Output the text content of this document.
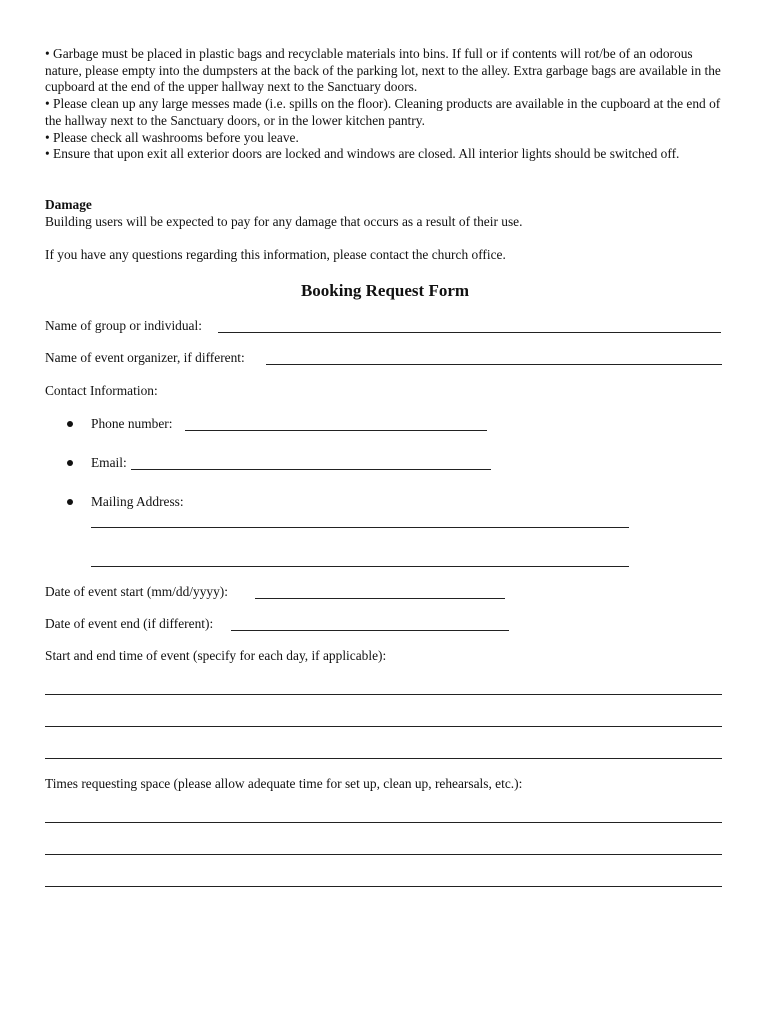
• Garbage must be placed in plastic bags and recyclable materials into bins. If full or if contents will rot/be of an odorous nature, please empty into the dumpsters at the back of the parking lot, next to the alley. Extra garbage bags are available in the cupboard at the end of the upper hallway next to the Sanctuary doors.

• Please clean up any large messes made (i.e. spills on the floor). Cleaning products are available in the cupboard at the end of the hallway next to the Sanctuary doors, or in the lower kitchen pantry.

• Please check all washrooms before you leave.

• Ensure that upon exit all exterior doors are locked and windows are closed. All interior lights should be switched off.

Damage
Building users will be expected to pay for any damage that occurs as a result of their use.
If you have any questions regarding this information, please contact the church office.
Booking Request Form
Name of group or individual:
Name of event organizer, if different:
Contact Information:
Phone number:
Email:
Mailing Address:
Date of event start (mm/dd/yyyy):
Date of event end (if different):
Start and end time of event (specify for each day, if applicable):
Times requesting space (please allow adequate time for set up, clean up, rehearsals, etc.):
